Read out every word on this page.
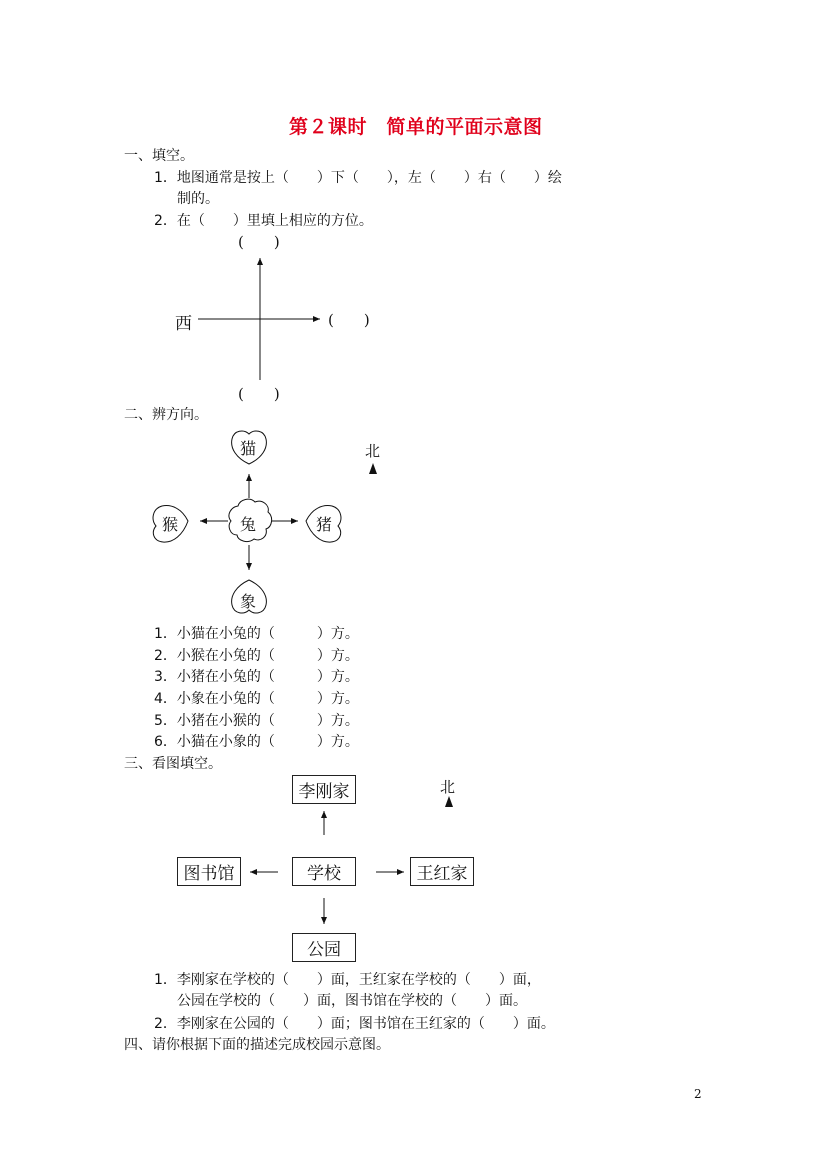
第２课时　简单的平面示意图
一、填空。
1．地图通常是按上（　　）下（　　），左（　　）右（　　）绘
制的。
2．在（　　）里填上相应的方位。
(　　)
西	(　　)
(　　)
二、辨方向。
北
猫
猴	兔	猪
象
1．小猫在小兔的（　　　）方。
2．小猴在小兔的（　　　）方。
3．小猪在小兔的（　　　）方。
4．小象在小兔的（　　　）方。
5．小猪在小猴的（　　　）方。
6．小猫在小象的（　　　）方。
三、看图填空。
北
李刚家
图书馆	学校	王红家
公园
1．李刚家在学校的（　　）面，王红家在学校的（　　）面，
公园在学校的（　　）面，图书馆在学校的（　　）面。
2．李刚家在公园的（　　）面；图书馆在王红家的（　　）面。
四、请你根据下面的描述完成校园示意图。
2
